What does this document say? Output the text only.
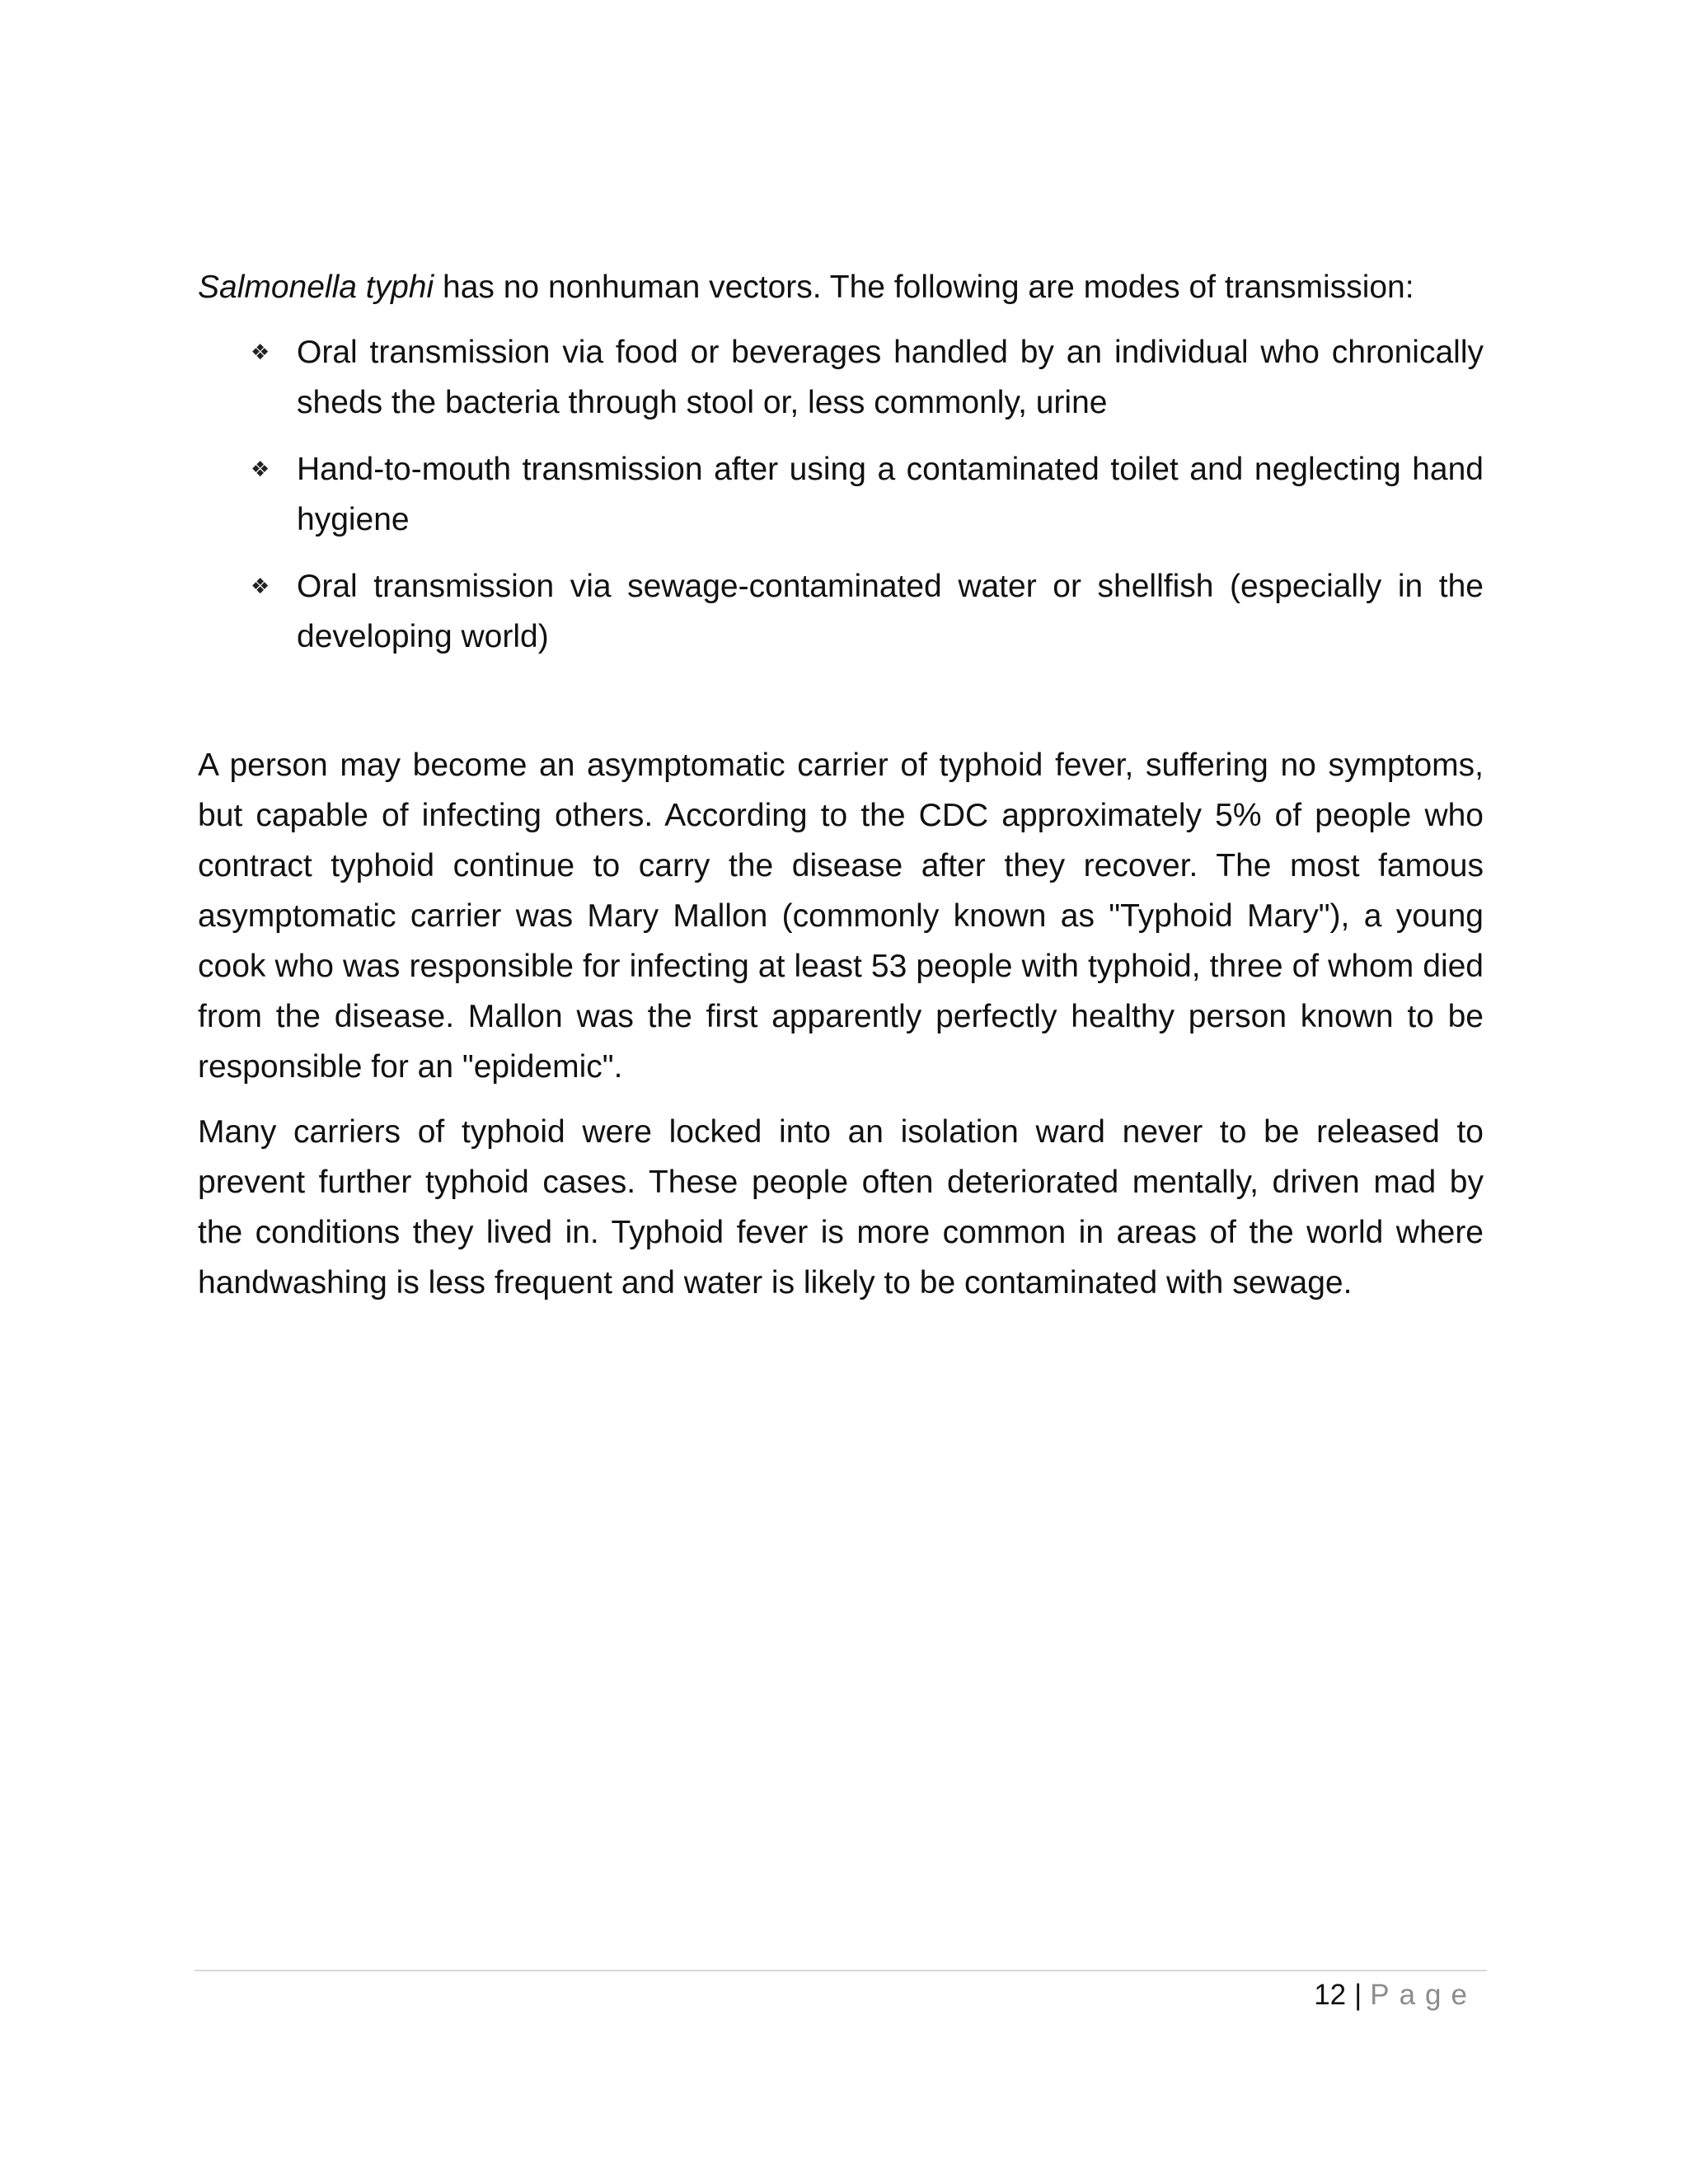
Salmonella typhi has no nonhuman vectors. The following are modes of transmission:

❖ Oral transmission via food or beverages handled by an individual who chronically sheds the bacteria through stool or, less commonly, urine
❖ Hand-to-mouth transmission after using a contaminated toilet and neglecting hand hygiene
❖ Oral transmission via sewage-contaminated water or shellfish (especially in the developing world)

A person may become an asymptomatic carrier of typhoid fever, suffering no symptoms, but capable of infecting others. According to the CDC approximately 5% of people who contract typhoid continue to carry the disease after they recover. The most famous asymptomatic carrier was Mary Mallon (commonly known as "Typhoid Mary"), a young cook who was responsible for infecting at least 53 people with typhoid, three of whom died from the disease. Mallon was the first apparently perfectly healthy person known to be responsible for an "epidemic".

Many carriers of typhoid were locked into an isolation ward never to be released to prevent further typhoid cases. These people often deteriorated mentally, driven mad by the conditions they lived in. Typhoid fever is more common in areas of the world where handwashing is less frequent and water is likely to be contaminated with sewage.

12 | Page
